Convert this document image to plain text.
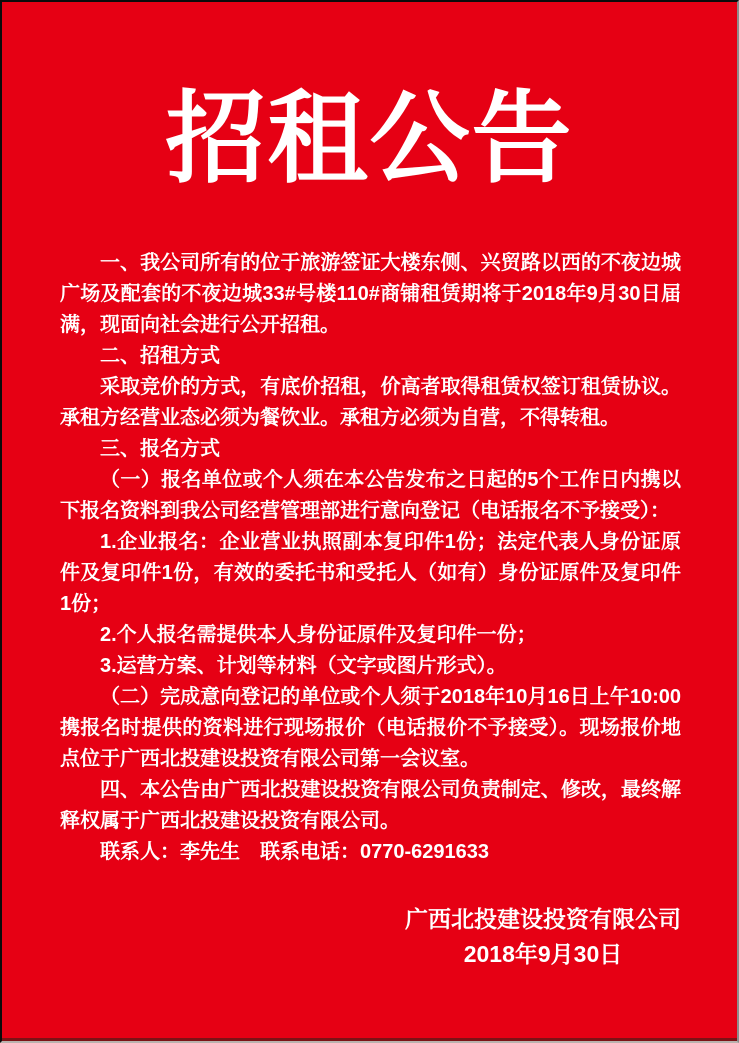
招租公告

一、我公司所有的位于旅游签证大楼东侧、兴贸路以西的不夜边城广场及配套的不夜边城33#号楼110#商铺租赁期将于2018年9月30日届满，现面向社会进行公开招租。

二、招租方式

采取竞价的方式，有底价招租，价高者取得租赁权签订租赁协议。承租方经营业态必须为餐饮业。承租方必须为自营，不得转租。

三、报名方式

（一）报名单位或个人须在本公告发布之日起的5个工作日内携以下报名资料到我公司经营管理部进行意向登记（电话报名不予接受）：

1.企业报名：企业营业执照副本复印件1份；法定代表人身份证原件及复印件1份，有效的委托书和受托人（如有）身份证原件及复印件1份；

2.个人报名需提供本人身份证原件及复印件一份；

3.运营方案、计划等材料（文字或图片形式）。

（二）完成意向登记的单位或个人须于2018年10月16日上午10:00携报名时提供的资料进行现场报价（电话报价不予接受）。现场报价地点位于广西北投建设投资有限公司第一会议室。

四、本公告由广西北投建设投资有限公司负责制定、修改，最终解释权属于广西北投建设投资有限公司。

联系人：李先生　联系电话：0770-6291633

广西北投建设投资有限公司
2018年9月30日
